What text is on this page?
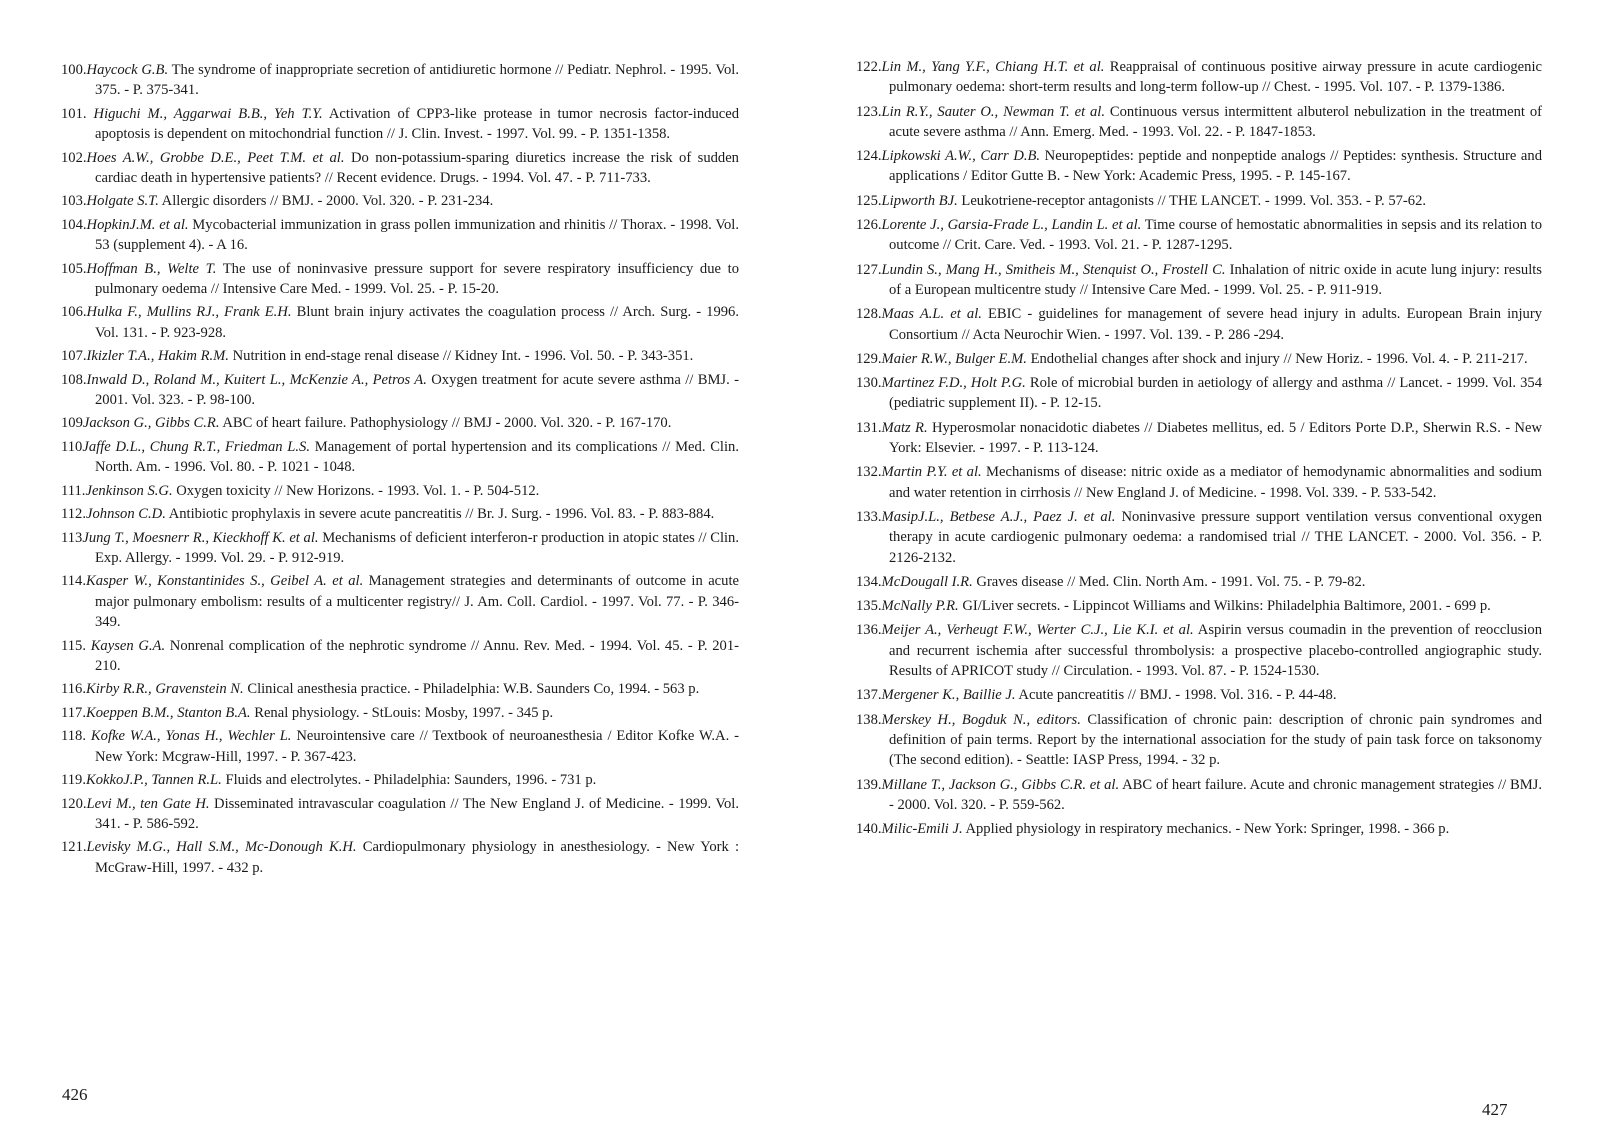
100.Haycock G.B. The syndrome of inappropriate secretion of antidiuretic hormone // Pediatr. Nephrol. - 1995. Vol. 375. - P. 375-341.
101. Higuchi M., Aggarwai B.B., Yeh T.Y. Activation of CPP3-like protease in tumor necrosis factor-induced apoptosis is dependent on mitochondrial function // J. Clin. Invest. - 1997. Vol. 99. - P. 1351-1358.
102.Hoes A.W., Grobbe D.E., Peet T.M. et al. Do non-potassium-sparing diuretics increase the risk of sudden cardiac death in hypertensive patients? // Recent evidence. Drugs. - 1994. Vol. 47. - P. 711-733.
103.Holgate S.T. Allergic disorders // BMJ. - 2000. Vol. 320. - P. 231-234.
104.HopkinJ.M. et al. Mycobacterial immunization in grass pollen immunization and rhinitis // Thorax. - 1998. Vol. 53 (supplement 4). - A 16.
105.Hoffman B., Welte T. The use of noninvasive pressure support for severe respiratory insufficiency due to pulmonary oedema // Intensive Care Med. - 1999. Vol. 25. - P. 15-20.
106.Hulka F., Mullins RJ., Frank E.H. Blunt brain injury activates the coagulation process // Arch. Surg. - 1996. Vol. 131. - P. 923-928.
107.Ikizler T.A., Hakim R.M. Nutrition in end-stage renal disease // Kidney Int. - 1996. Vol. 50. - P. 343-351.
108.Inwald D., Roland M., Kuitert L., McKenzie A., Petros A. Oxygen treatment for acute severe asthma // BMJ. - 2001. Vol. 323. - P. 98-100.
109Jackson G., Gibbs C.R. ABC of heart failure. Pathophysiology // BMJ - 2000. Vol. 320. - P. 167-170.
110Jaffe D.L., Chung R.T., Friedman L.S. Management of portal hypertension and its complications // Med. Clin. North. Am. - 1996. Vol. 80. - P. 1021 - 1048.
111.Jenkinson S.G. Oxygen toxicity // New Horizons. - 1993. Vol. 1. - P. 504-512.
112.Johnson C.D. Antibiotic prophylaxis in severe acute pancreatitis // Br. J. Surg. - 1996. Vol. 83. - P. 883-884.
113Jung T., Moesnerr R., Kieckhoff K. et al. Mechanisms of deficient interferon-r production in atopic states // Clin. Exp. Allergy. - 1999. Vol. 29. - P. 912-919.
114.Kasper W., Konstantinides S., Geibel A. et al. Management strategies and determinants of outcome in acute major pulmonary embolism: results of a multicenter registry// J. Am. Coll. Cardiol. - 1997. Vol. 77. - P. 346-349.
115. Kaysen G.A. Nonrenal complication of the nephrotic syndrome // Annu. Rev. Med. - 1994. Vol. 45. - P. 201-210.
116.Kirby R.R., Gravenstein N. Clinical anesthesia practice. - Philadelphia: W.B. Saunders Co, 1994. - 563 p.
117.Koeppen B.M., Stanton B.A. Renal physiology. - StLouis: Mosby, 1997. - 345 p.
118. Kofke W.A., Yonas H., Wechler L. Neurointensive care // Textbook of neuroanesthesia / Editor Kofke W.A. - New York: Mcgraw-Hill, 1997. - P. 367-423.
119.KokkoJ.P., Tannen R.L. Fluids and electrolytes. - Philadelphia: Saunders, 1996. - 731 p.
120.Levi M., ten Gate H. Disseminated intravascular coagulation // The New England J. of Medicine. - 1999. Vol. 341. - P. 586-592.
121.Levisky M.G., Hall S.M., Mc-Donough K.H. Cardiopulmonary physiology in anesthesiology. - New York : McGraw-Hill, 1997. - 432 p.
426
122.Lin M., Yang Y.F., Chiang H.T. et al. Reappraisal of continuous positive airway pressure in acute cardiogenic pulmonary oedema: short-term results and long-term follow-up // Chest. - 1995. Vol. 107. - P. 1379-1386.
123.Lin R.Y., Sauter O., Newman T. et al. Continuous versus intermittent albuterol nebulization in the treatment of acute severe asthma // Ann. Emerg. Med. - 1993. Vol. 22. - P. 1847-1853.
124.Lipkowski A.W., Carr D.B. Neuropeptides: peptide and nonpeptide analogs // Peptides: synthesis. Structure and applications / Editor Gutte B. - New York: Academic Press, 1995. - P. 145-167.
125.Lipworth BJ. Leukotriene-receptor antagonists // THE LANCET. - 1999. Vol. 353. - P. 57-62.
126.Lorente J., Garsia-Frade L., Landin L. et al. Time course of hemostatic abnormalities in sepsis and its relation to outcome // Crit. Care. Ved. - 1993. Vol. 21. - P. 1287-1295.
127.Lundin S., Mang H., Smitheis M., Stenquist O., Frostell C. Inhalation of nitric oxide in acute lung injury: results of a European multicentre study // Intensive Care Med. - 1999. Vol. 25. - P. 911-919.
128.Maas A.L. et al. EBIC - guidelines for management of severe head injury in adults. European Brain injury Consortium // Acta Neurochir Wien. - 1997. Vol. 139. - P. 286 -294.
129.Maier R.W., Bulger E.M. Endothelial changes after shock and injury // New Horiz. - 1996. Vol. 4. - P. 211-217.
130.Martinez F.D., Holt P.G. Role of microbial burden in aetiology of allergy and asthma // Lancet. - 1999. Vol. 354 (pediatric supplement II). - P. 12-15.
131.Matz R. Hyperosmolar nonacidotic diabetes // Diabetes mellitus, ed. 5 / Editors Porte D.P., Sherwin R.S. - New York: Elsevier. - 1997. - P. 113-124.
132.Martin P.Y. et al. Mechanisms of disease: nitric oxide as a mediator of hemodynamic abnormalities and sodium and water retention in cirrhosis // New England J. of Medicine. - 1998. Vol. 339. - P. 533-542.
133.MasipJ.L., Betbese A.J., Paez J. et al. Noninvasive pressure support ventilation versus conventional oxygen therapy in acute cardiogenic pulmonary oedema: a randomised trial // THE LANCET. - 2000. Vol. 356. - P. 2126-2132.
134.McDougall I.R. Graves disease // Med. Clin. North Am. - 1991. Vol. 75. - P. 79-82.
135.McNally P.R. GI/Liver secrets. - Lippincot Williams and Wilkins: Philadelphia Baltimore, 2001. - 699 p.
136.Meijer A., Verheugt F.W., Werter C.J., Lie K.I. et al. Aspirin versus coumadin in the prevention of reocclusion and recurrent ischemia after successful thrombolysis: a prospective placebo-controlled angiographic study. Results of APRICOT study // Circulation. - 1993. Vol. 87. - P. 1524-1530.
137.Mergener K., Baillie J. Acute pancreatitis // BMJ. - 1998. Vol. 316. - P. 44-48.
138.Merskey H., Bogduk N., editors. Classification of chronic pain: description of chronic pain syndromes and definition of pain terms. Report by the international association for the study of pain task force on taksonomy (The second edition). - Seattle: IASP Press, 1994. - 32 p.
139.Millane T., Jackson G., Gibbs C.R. et al. ABC of heart failure. Acute and chronic management strategies // BMJ. - 2000. Vol. 320. - P. 559-562.
140.Milic-Emili J. Applied physiology in respiratory mechanics. - New York: Springer, 1998. - 366 p.
427
